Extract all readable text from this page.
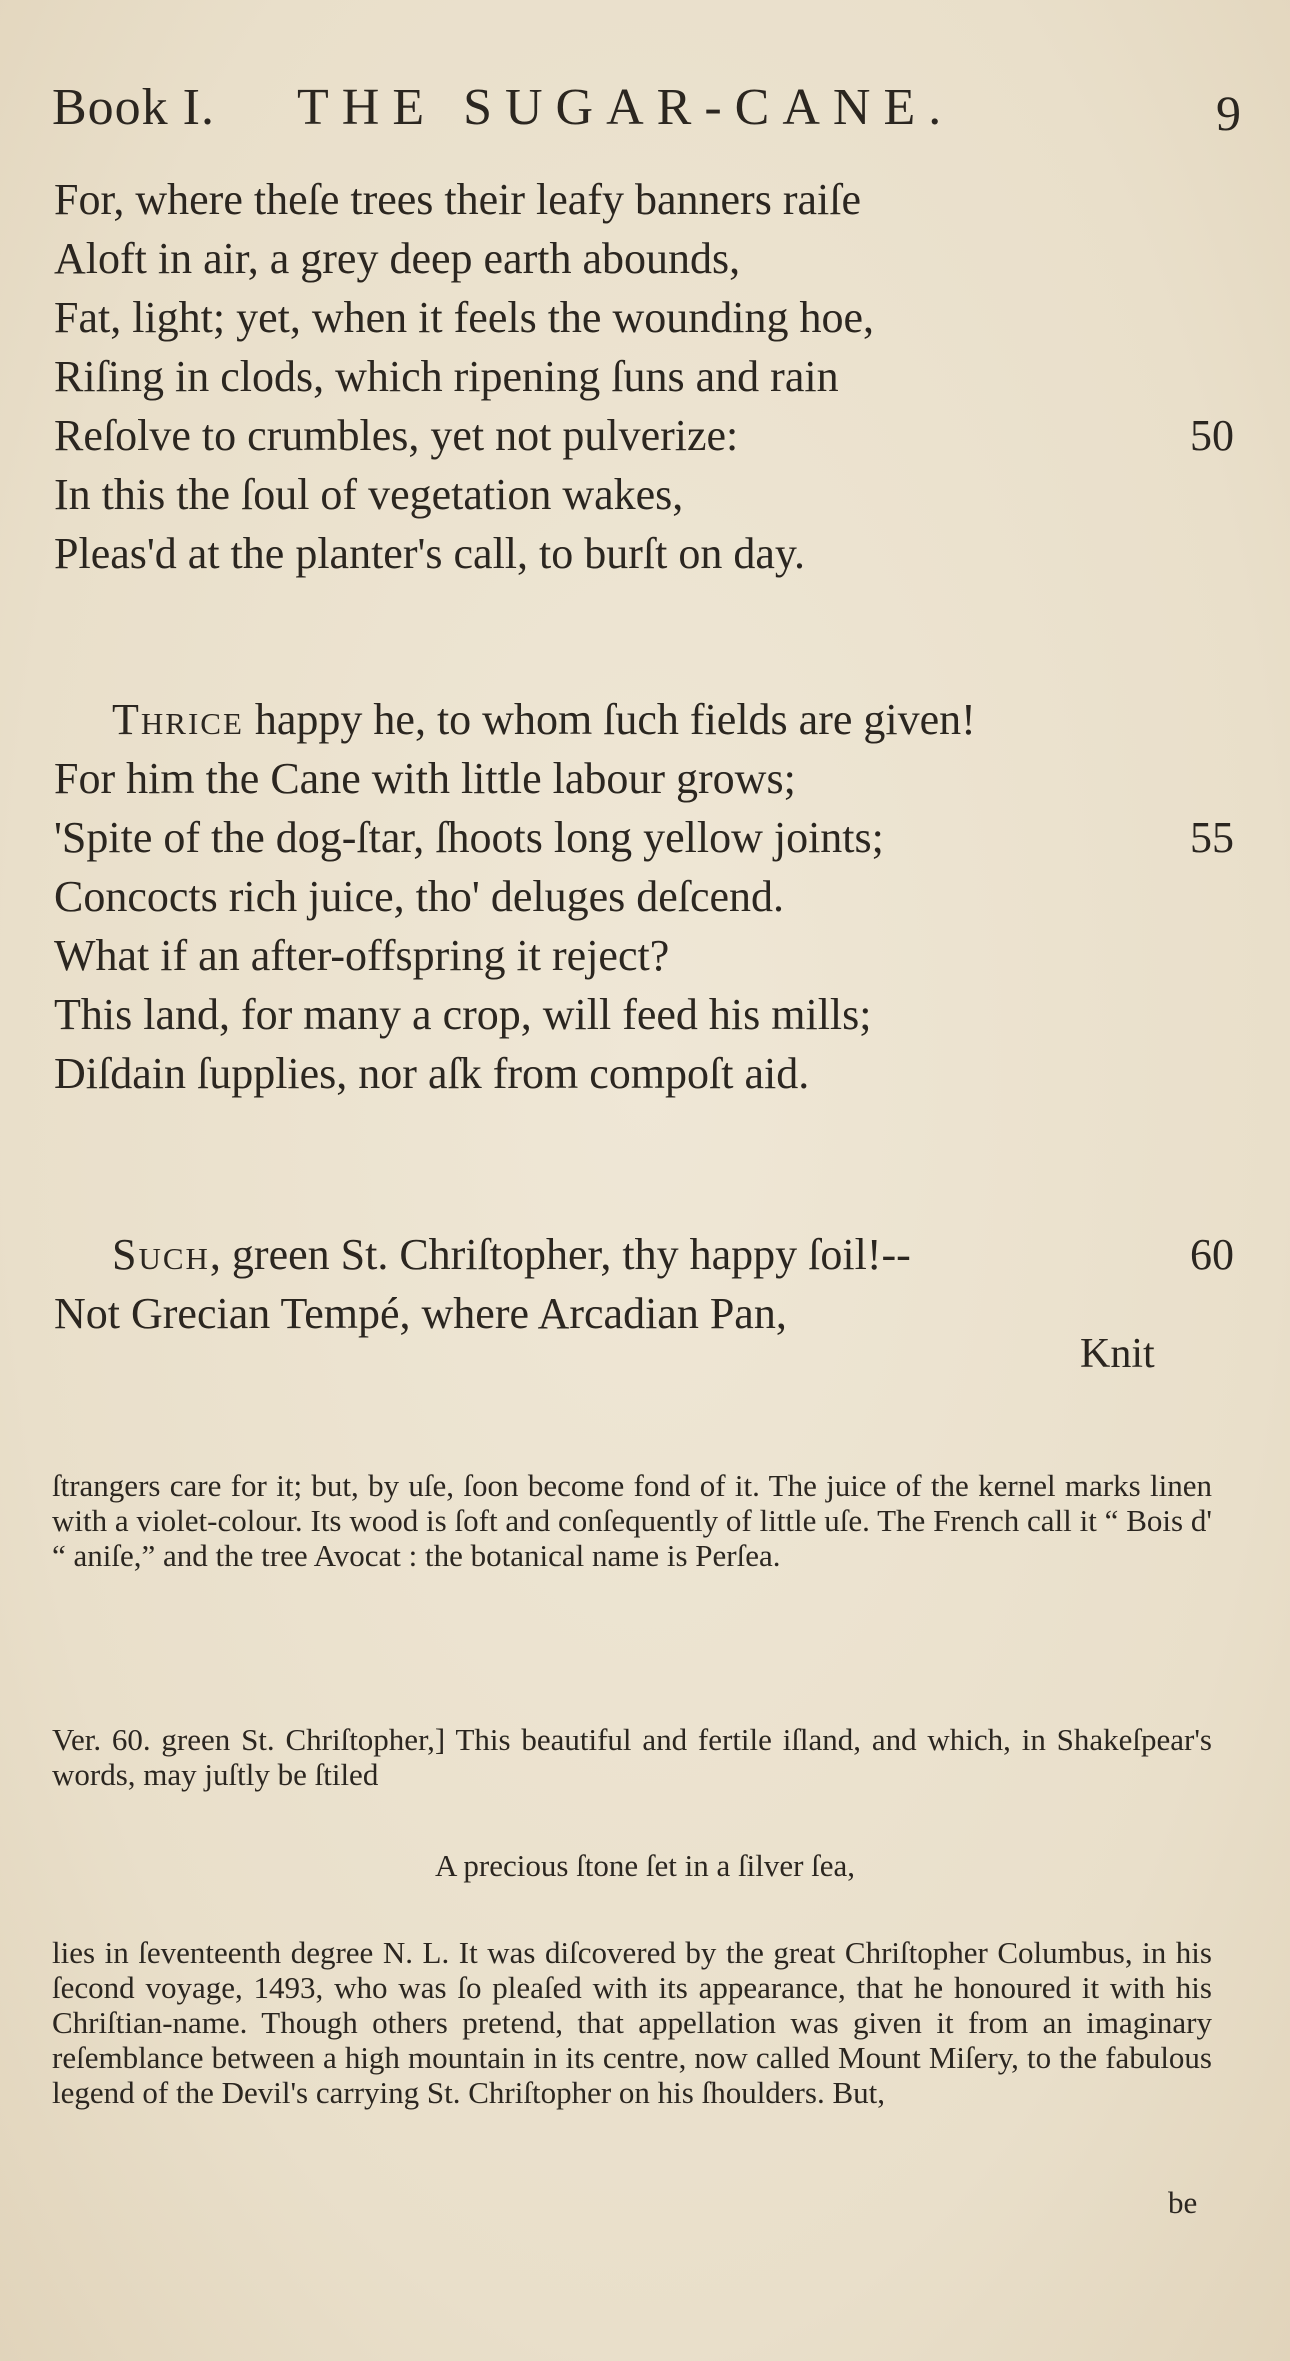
Book I. THE SUGAR-CANE.	9
For, where theſe trees their leafy banners raiſe
Aloft in air, a grey deep earth abounds,
Fat, light; yet, when it feels the wounding hoe,
Riſing in clods, which ripening ſuns and rain
Reſolve to crumbles, yet not pulverize:	50
In this the ſoul of vegetation wakes,
Pleas'd at the planter's call, to burſt on day.
Thrice happy he, to whom ſuch fields are given!
For him the Cane with little labour grows;
'Spite of the dog-ſtar, ſhoots long yellow joints;	55
Concocts rich juice, tho' deluges deſcend.
What if an after-offspring it reject?
This land, for many a crop, will feed his mills;
Diſdain ſupplies, nor aſk from compoſt aid.
Such, green St. Chriſtopher, thy happy ſoil!--	60
Not Grecian Tempé, where Arcadian Pan,
Knit

ſtrangers care for it; but, by uſe, ſoon become fond of it. The juice of the kernel marks linen with a violet-colour. Its wood is ſoft and conſequently of little uſe. The French call it “ Bois d' “ aniſe,” and the tree Avocat : the botanical name is Perſea.

Ver. 60. green St. Chriſtopher,] This beautiful and fertile iſland, and which, in Shakeſpear's words, may juſtly be ſtiled

A precious ſtone ſet in a ſilver ſea,

lies in ſeventeenth degree N. L. It was diſcovered by the great Chriſtopher Columbus, in his ſecond voyage, 1493, who was ſo pleaſed with its appearance, that he honoured it with his Chriſtian-name. Though others pretend, that appellation was given it from an imaginary reſemblance between a high mountain in its centre, now called Mount Miſery, to the fabulous legend of the Devil's carrying St. Chriſtopher on his ſhoulders. But,

be
